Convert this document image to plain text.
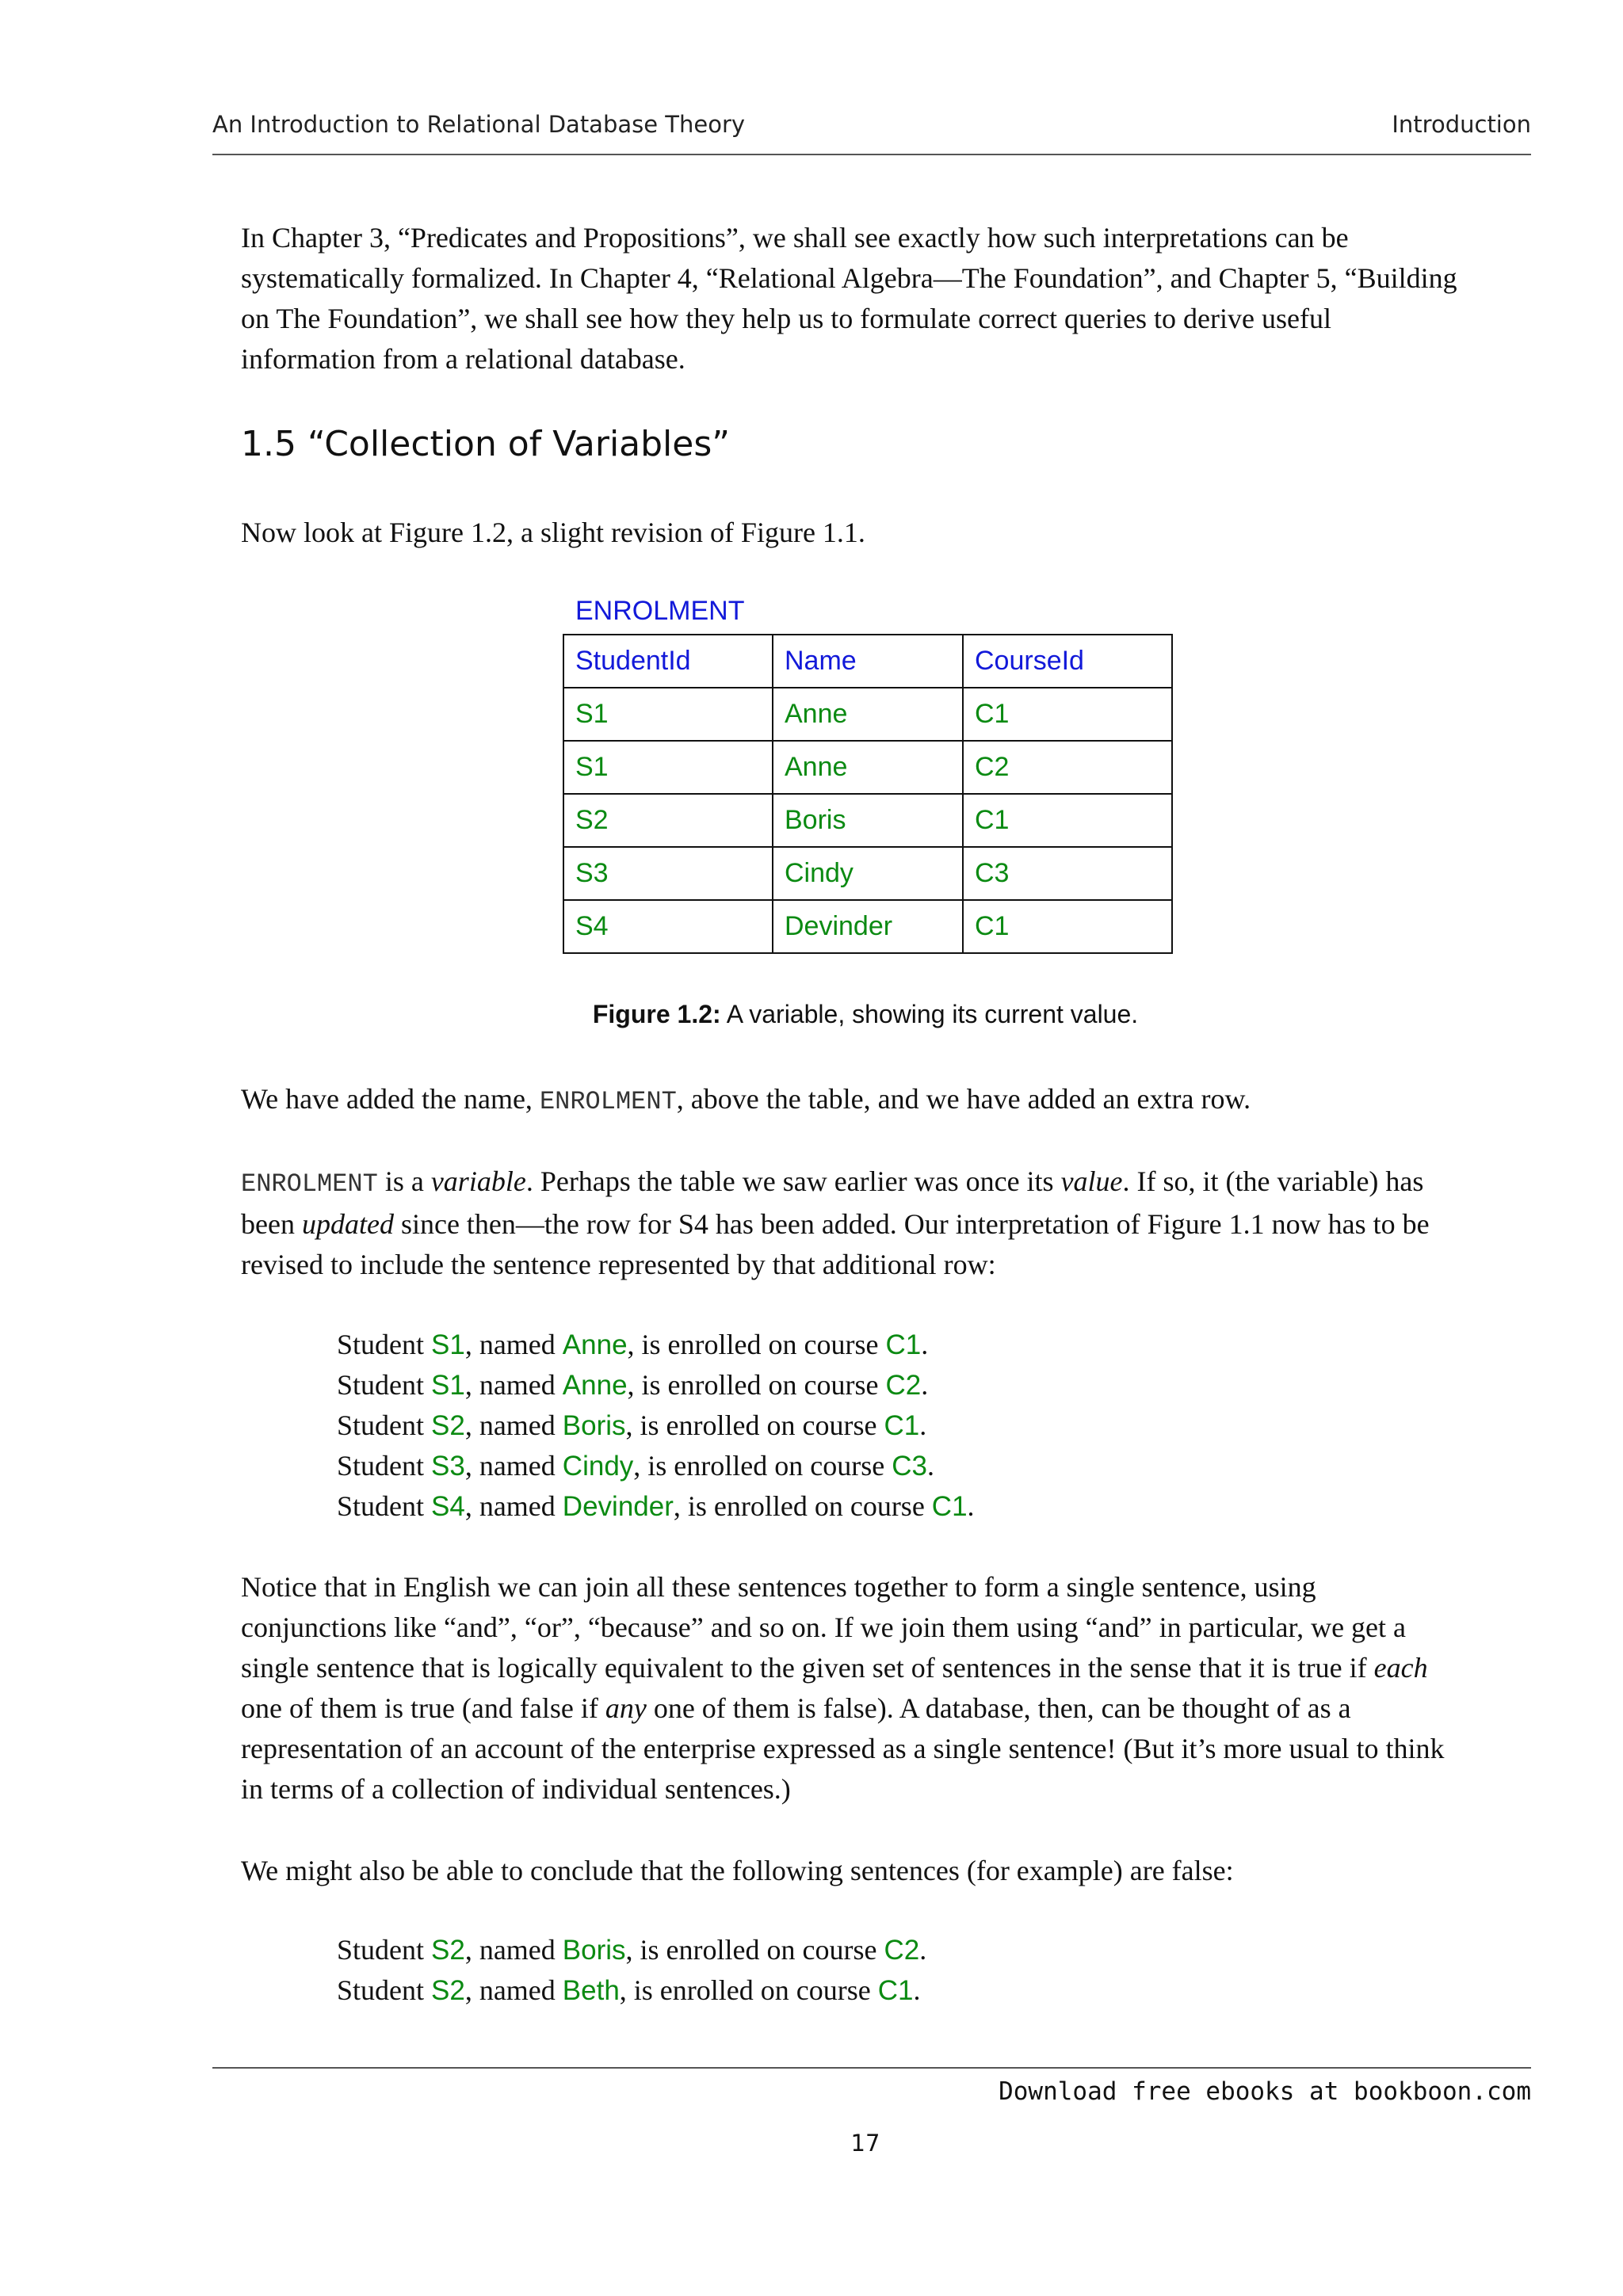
An Introduction to Relational Database Theory	Introduction
In Chapter 3, “Predicates and Propositions”, we shall see exactly how such interpretations can be
systematically formalized. In Chapter 4, “Relational Algebra—The Foundation”, and Chapter 5, “Building
on The Foundation”, we shall see how they help us to formulate correct queries to derive useful
information from a relational database.
1.5 “Collection of Variables”
Now look at Figure 1.2, a slight revision of Figure 1.1.
ENROLMENT
StudentId	Name	CourseId
S1	Anne	C1
S1	Anne	C2
S2	Boris	C1
S3	Cindy	C3
S4	Devinder	C1
Figure 1.2: A variable, showing its current value.
We have added the name, ENROLMENT, above the table, and we have added an extra row.
ENROLMENT is a variable. Perhaps the table we saw earlier was once its value. If so, it (the variable) has
been updated since then—the row for S4 has been added. Our interpretation of Figure 1.1 now has to be
revised to include the sentence represented by that additional row:
Student S1, named Anne, is enrolled on course C1.
Student S1, named Anne, is enrolled on course C2.
Student S2, named Boris, is enrolled on course C1.
Student S3, named Cindy, is enrolled on course C3.
Student S4, named Devinder, is enrolled on course C1.
Notice that in English we can join all these sentences together to form a single sentence, using
conjunctions like “and”, “or”, “because” and so on. If we join them using “and” in particular, we get a
single sentence that is logically equivalent to the given set of sentences in the sense that it is true if each
one of them is true (and false if any one of them is false). A database, then, can be thought of as a
representation of an account of the enterprise expressed as a single sentence! (But it’s more usual to think
in terms of a collection of individual sentences.)
We might also be able to conclude that the following sentences (for example) are false:
Student S2, named Boris, is enrolled on course C2.
Student S2, named Beth, is enrolled on course C1.
Download free ebooks at bookboon.com
17
